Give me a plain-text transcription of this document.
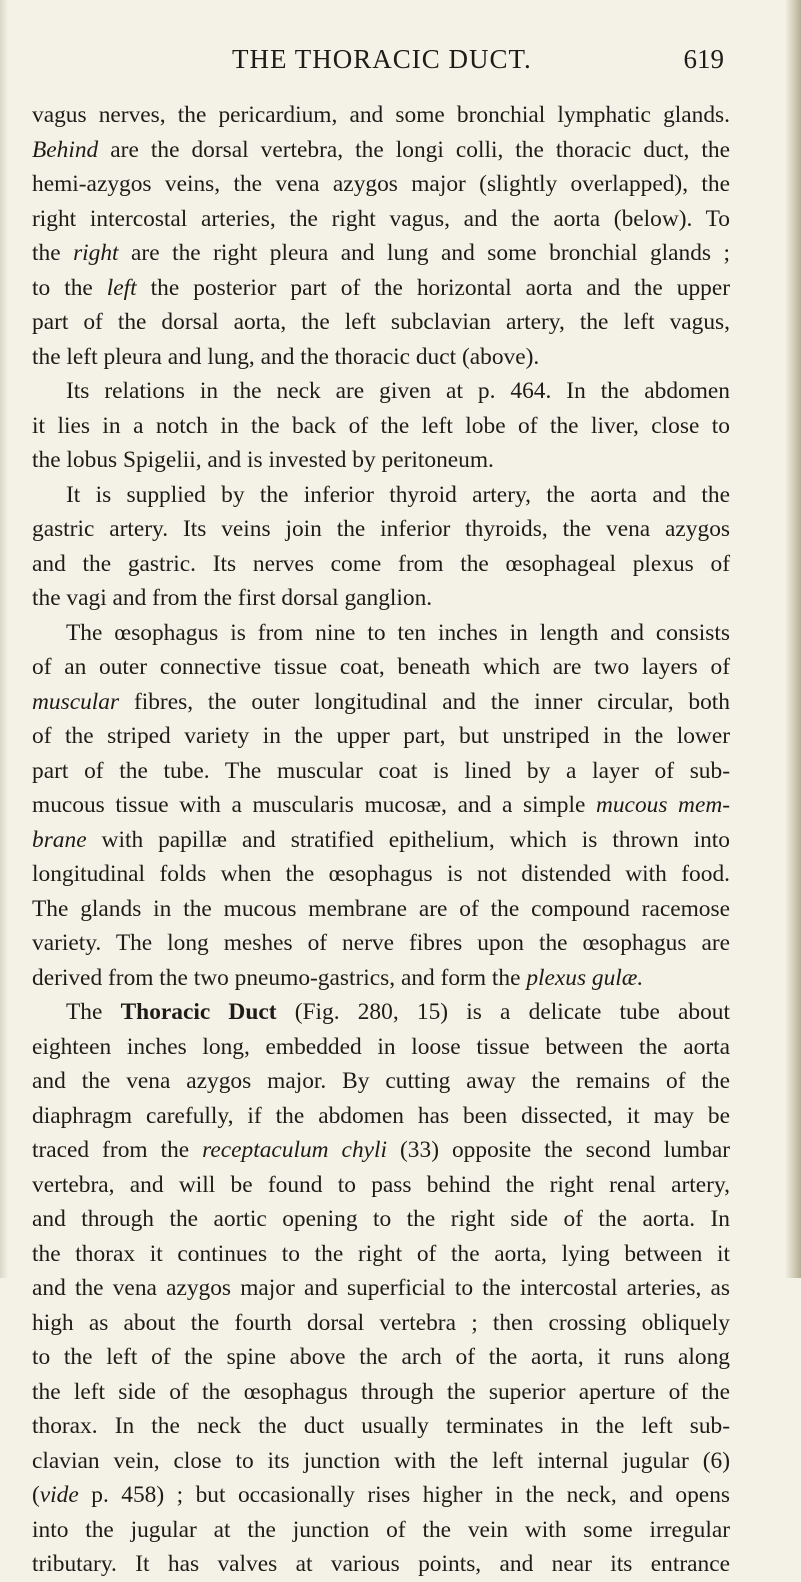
THE THORACIC DUCT.	619
vagus nerves, the pericardium, and some bronchial lymphatic glands.
Behind are the dorsal vertebra, the longi colli, the thoracic duct, the
hemi-azygos veins, the vena azygos major (slightly overlapped), the
right intercostal arteries, the right vagus, and the aorta (below). To
the right are the right pleura and lung and some bronchial glands ;
to the left the posterior part of the horizontal aorta and the upper
part of the dorsal aorta, the left subclavian artery, the left vagus,
the left pleura and lung, and the thoracic duct (above).
Its relations in the neck are given at p. 464. In the abdomen
it lies in a notch in the back of the left lobe of the liver, close to
the lobus Spigelii, and is invested by peritoneum.
It is supplied by the inferior thyroid artery, the aorta and the
gastric artery. Its veins join the inferior thyroids, the vena azygos
and the gastric. Its nerves come from the œsophageal plexus of
the vagi and from the first dorsal ganglion.
The œsophagus is from nine to ten inches in length and consists
of an outer connective tissue coat, beneath which are two layers of
muscular fibres, the outer longitudinal and the inner circular, both
of the striped variety in the upper part, but unstriped in the lower
part of the tube. The muscular coat is lined by a layer of sub-
mucous tissue with a muscularis mucosæ, and a simple mucous mem-
brane with papillæ and stratified epithelium, which is thrown into
longitudinal folds when the œsophagus is not distended with food.
The glands in the mucous membrane are of the compound racemose
variety. The long meshes of nerve fibres upon the œsophagus are
derived from the two pneumo-gastrics, and form the plexus gulæ.
The Thoracic Duct (Fig. 280, 15) is a delicate tube about
eighteen inches long, embedded in loose tissue between the aorta
and the vena azygos major. By cutting away the remains of the
diaphragm carefully, if the abdomen has been dissected, it may be
traced from the receptaculum chyli (33) opposite the second lumbar
vertebra, and will be found to pass behind the right renal artery,
and through the aortic opening to the right side of the aorta. In
the thorax it continues to the right of the aorta, lying between it
and the vena azygos major and superficial to the intercostal arteries, as
high as about the fourth dorsal vertebra ; then crossing obliquely
to the left of the spine above the arch of the aorta, it runs along
the left side of the œsophagus through the superior aperture of the
thorax. In the neck the duct usually terminates in the left sub-
clavian vein, close to its junction with the left internal jugular (6)
(vide p. 458) ; but occasionally rises higher in the neck, and opens
into the jugular at the junction of the vein with some irregular
tributary. It has valves at various points, and near its entrance
